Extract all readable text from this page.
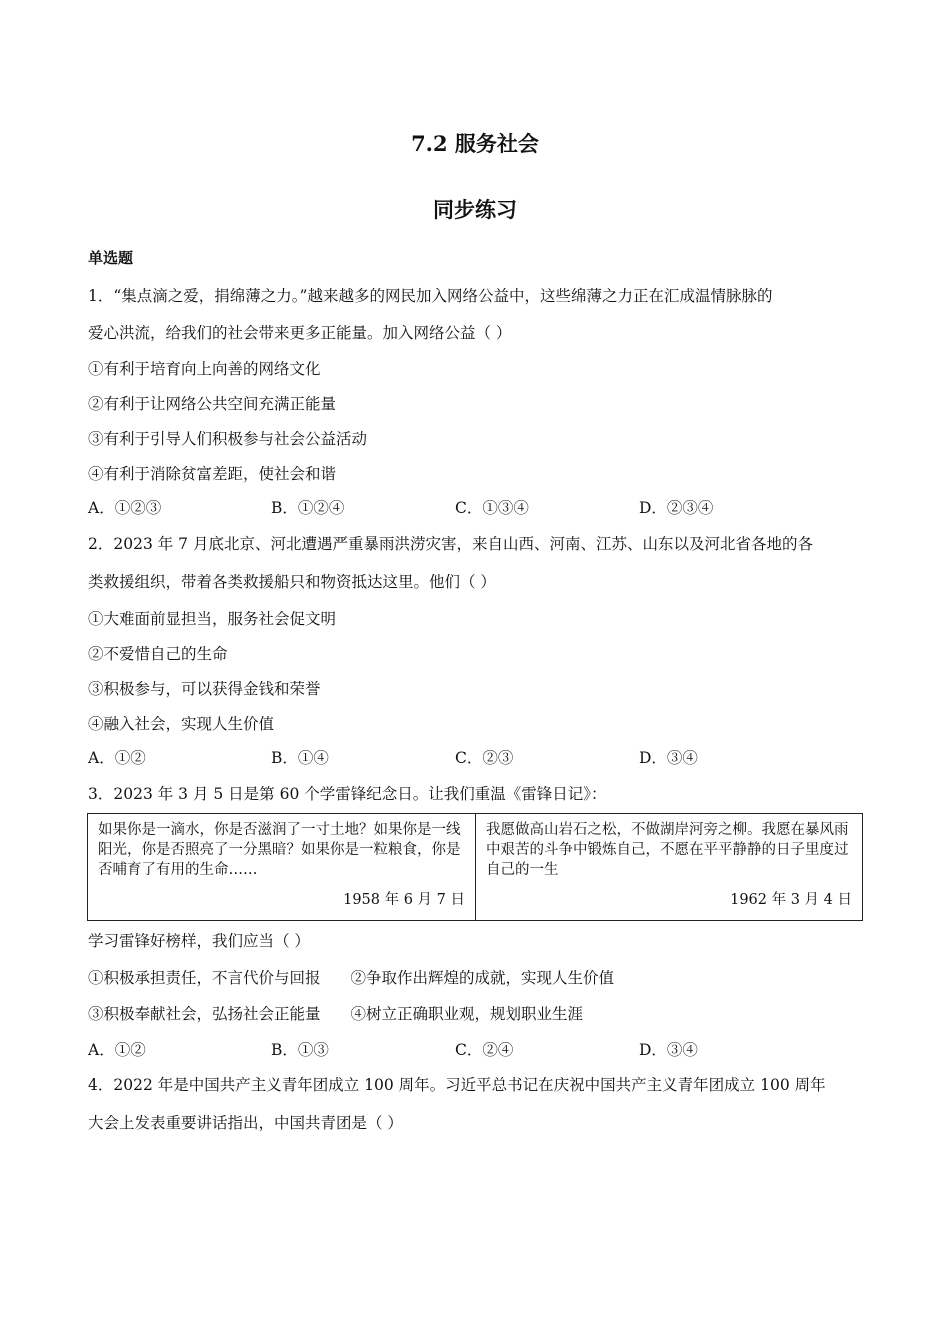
7.2 服务社会
同步练习
单选题
1．“集点滴之爱，捐绵薄之力。”越来越多的网民加入网络公益中，这些绵薄之力正在汇成温情脉脉的
爱心洪流，给我们的社会带来更多正能量。加入网络公益（ ）
①有利于培育向上向善的网络文化
②有利于让网络公共空间充满正能量
③有利于引导人们积极参与社会公益活动
④有利于消除贫富差距，使社会和谐
A．①②③	B．①②④	C．①③④	D．②③④
2．2023 年 7 月底北京、河北遭遇严重暴雨洪涝灾害，来自山西、河南、江苏、山东以及河北省各地的各
类救援组织，带着各类救援船只和物资抵达这里。他们（ ）
①大难面前显担当，服务社会促文明
②不爱惜自己的生命
③积极参与，可以获得金钱和荣誉
④融入社会，实现人生价值
A．①②	B．①④	C．②③	D．③④
3．2023 年 3 月 5 日是第 60 个学雷锋纪念日。让我们重温《雷锋日记》：
如果你是一滴水，你是否滋润了一寸土地？如果你是一线阳光，你是否照亮了一分黑暗？如果你是一粒粮食，你是否哺育了有用的生命……
1958 年 6 月 7 日
我愿做高山岩石之松，不做湖岸河旁之柳。我愿在暴风雨中艰苦的斗争中锻炼自己，不愿在平平静静的日子里度过自己的一生
1962 年 3 月 4 日
学习雷锋好榜样，我们应当（ ）
①积极承担责任，不言代价与回报 ②争取作出辉煌的成就，实现人生价值
③积极奉献社会，弘扬社会正能量 ④树立正确职业观，规划职业生涯
A．①②	B．①③	C．②④	D．③④
4．2022 年是中国共产主义青年团成立 100 周年。习近平总书记在庆祝中国共产主义青年团成立 100 周年
大会上发表重要讲话指出，中国共青团是（ ）
